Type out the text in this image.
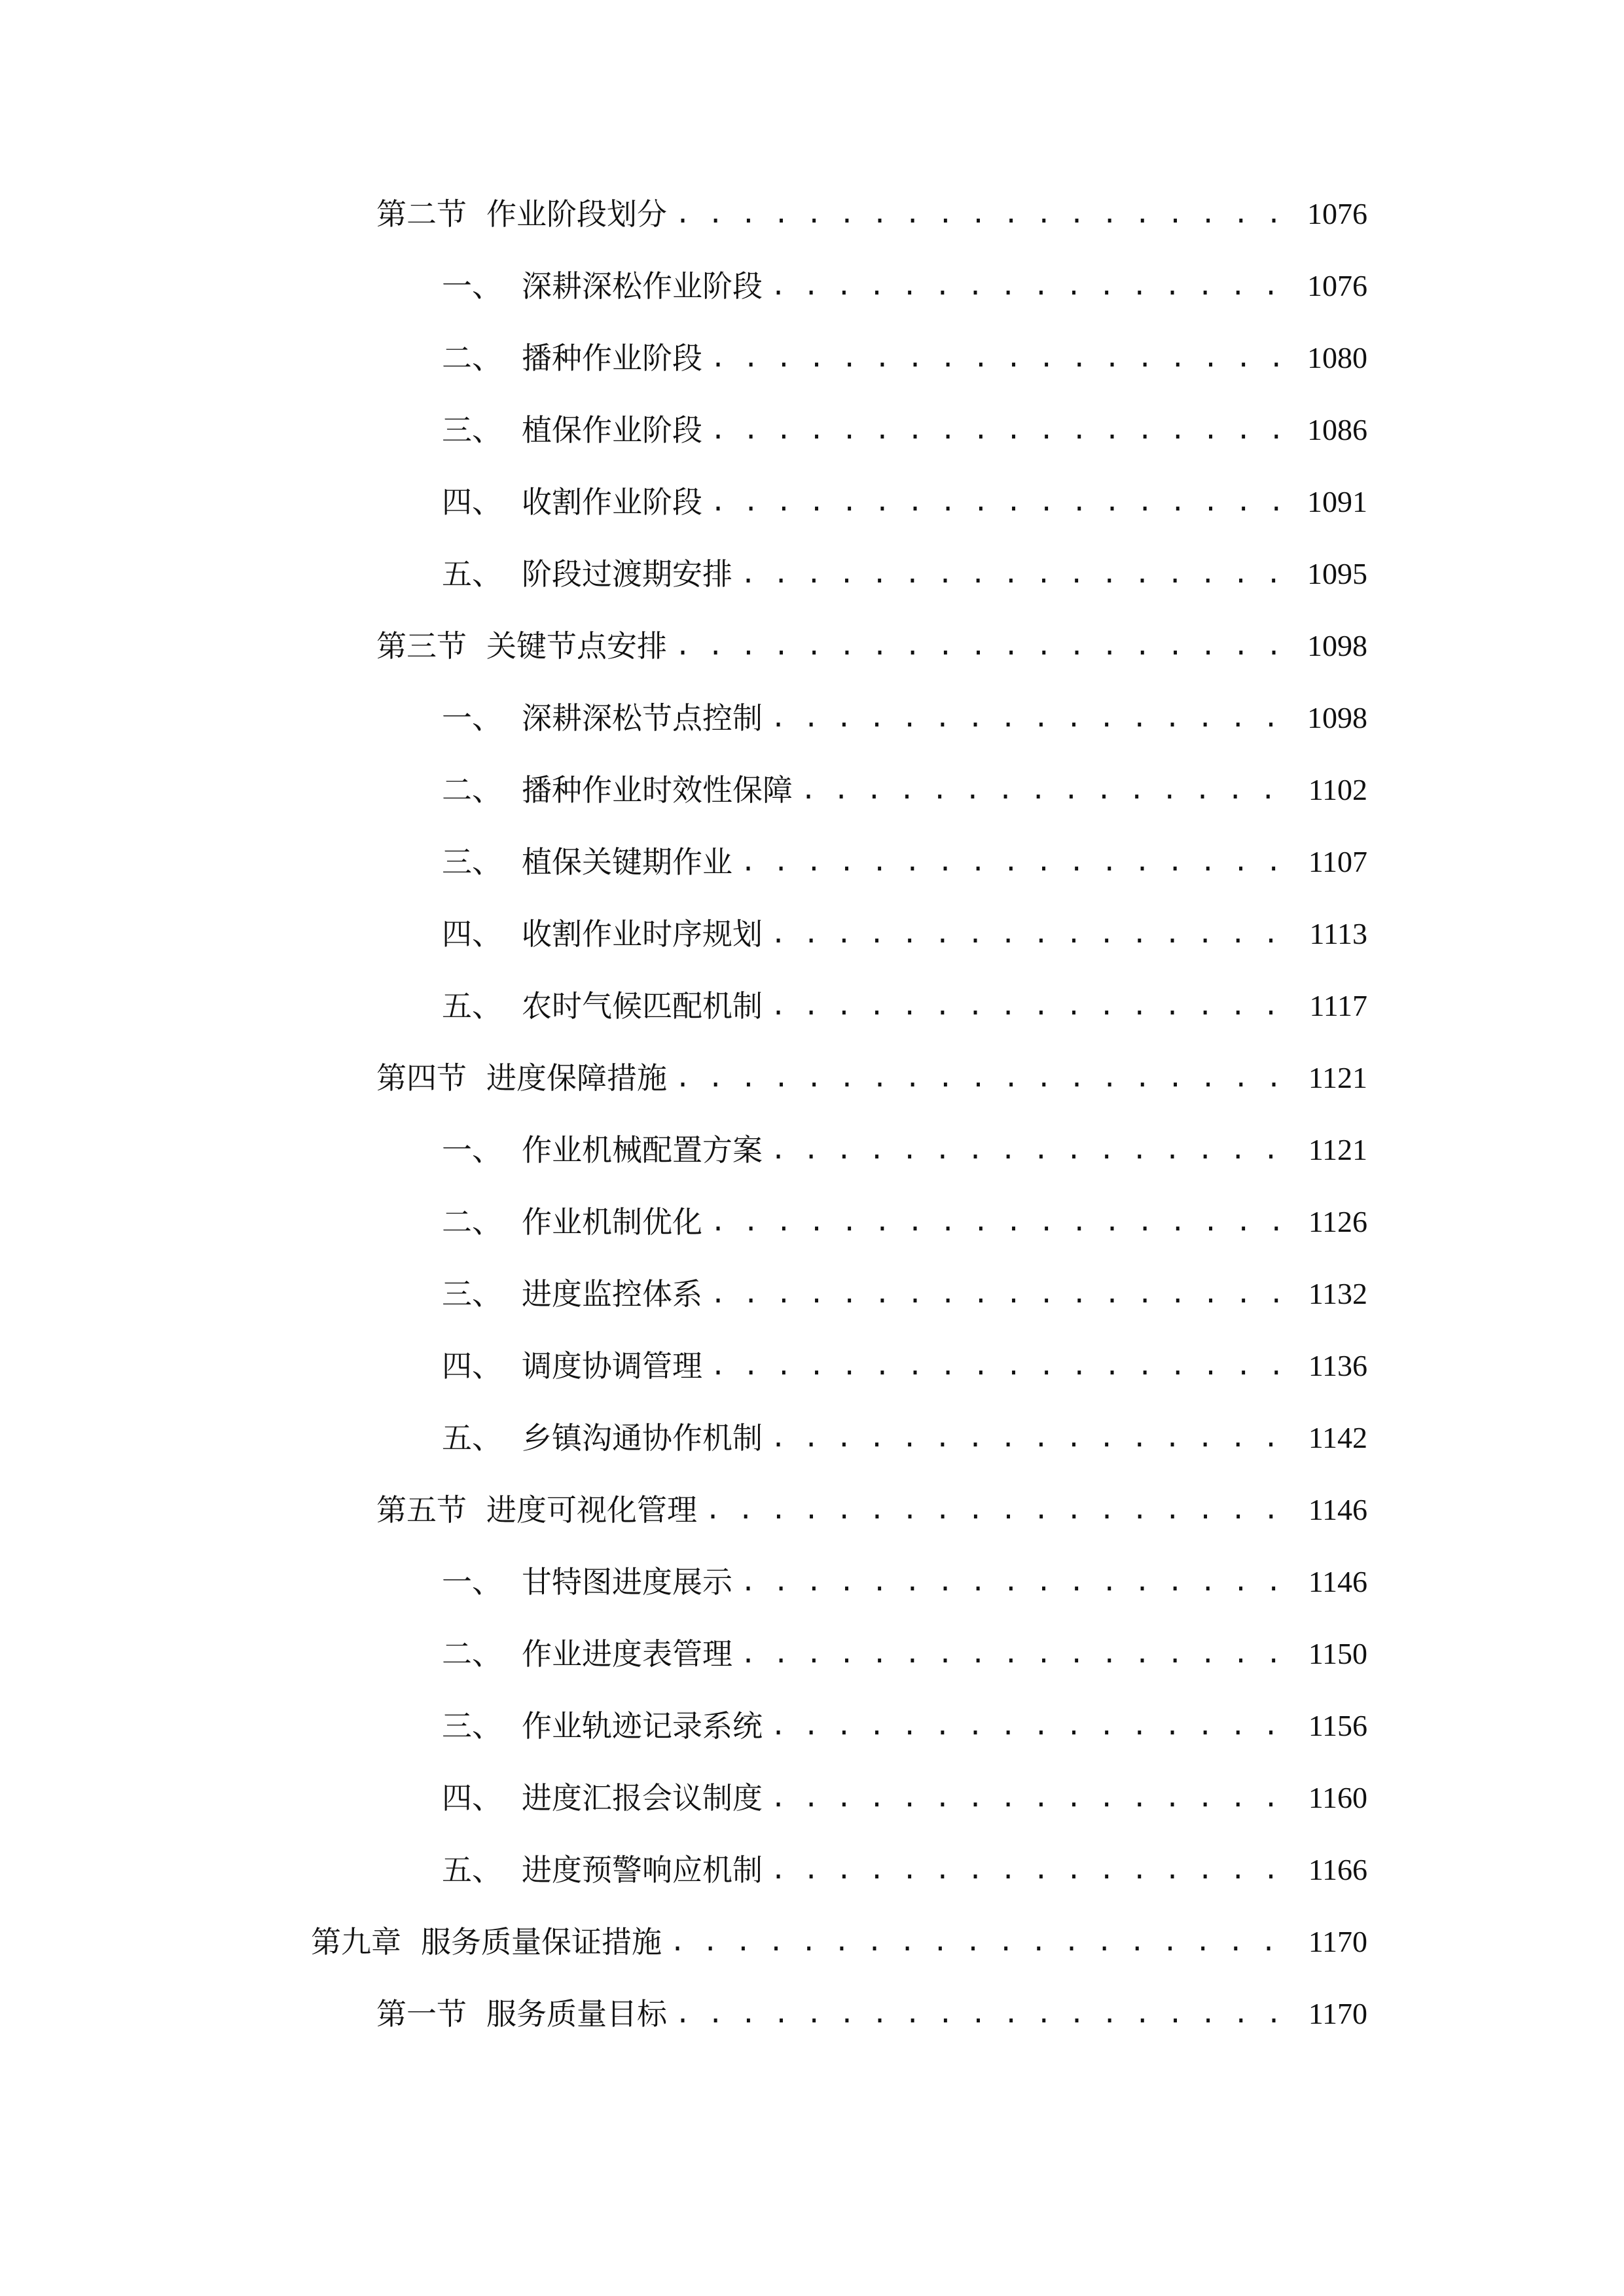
第二节 作业阶段划分 . . .	1076
一、 深耕深松作业阶段 . . .	1076
二、 播种作业阶段 . . .	1080
三、 植保作业阶段 . . .	1086
四、 收割作业阶段 . . .	1091
五、 阶段过渡期安排 . . .	1095
第三节 关键节点安排 . . .	1098
一、 深耕深松节点控制 . . .	1098
二、 播种作业时效性保障 . . .	1102
三、 植保关键期作业 . . .	1107
四、 收割作业时序规划 . . .	1113
五、 农时气候匹配机制 . . .	1117
第四节 进度保障措施 . . .	1121
一、 作业机械配置方案 . . .	1121
二、 作业机制优化 . . .	1126
三、 进度监控体系 . . .	1132
四、 调度协调管理 . . .	1136
五、 乡镇沟通协作机制 . . .	1142
第五节 进度可视化管理 . . .	1146
一、 甘特图进度展示 . . .	1146
二、 作业进度表管理 . . .	1150
三、 作业轨迹记录系统 . . .	1156
四、 进度汇报会议制度 . . .	1160
五、 进度预警响应机制 . . .	1166
第九章 服务质量保证措施 . . .	1170
第一节 服务质量目标 . . .	1170
